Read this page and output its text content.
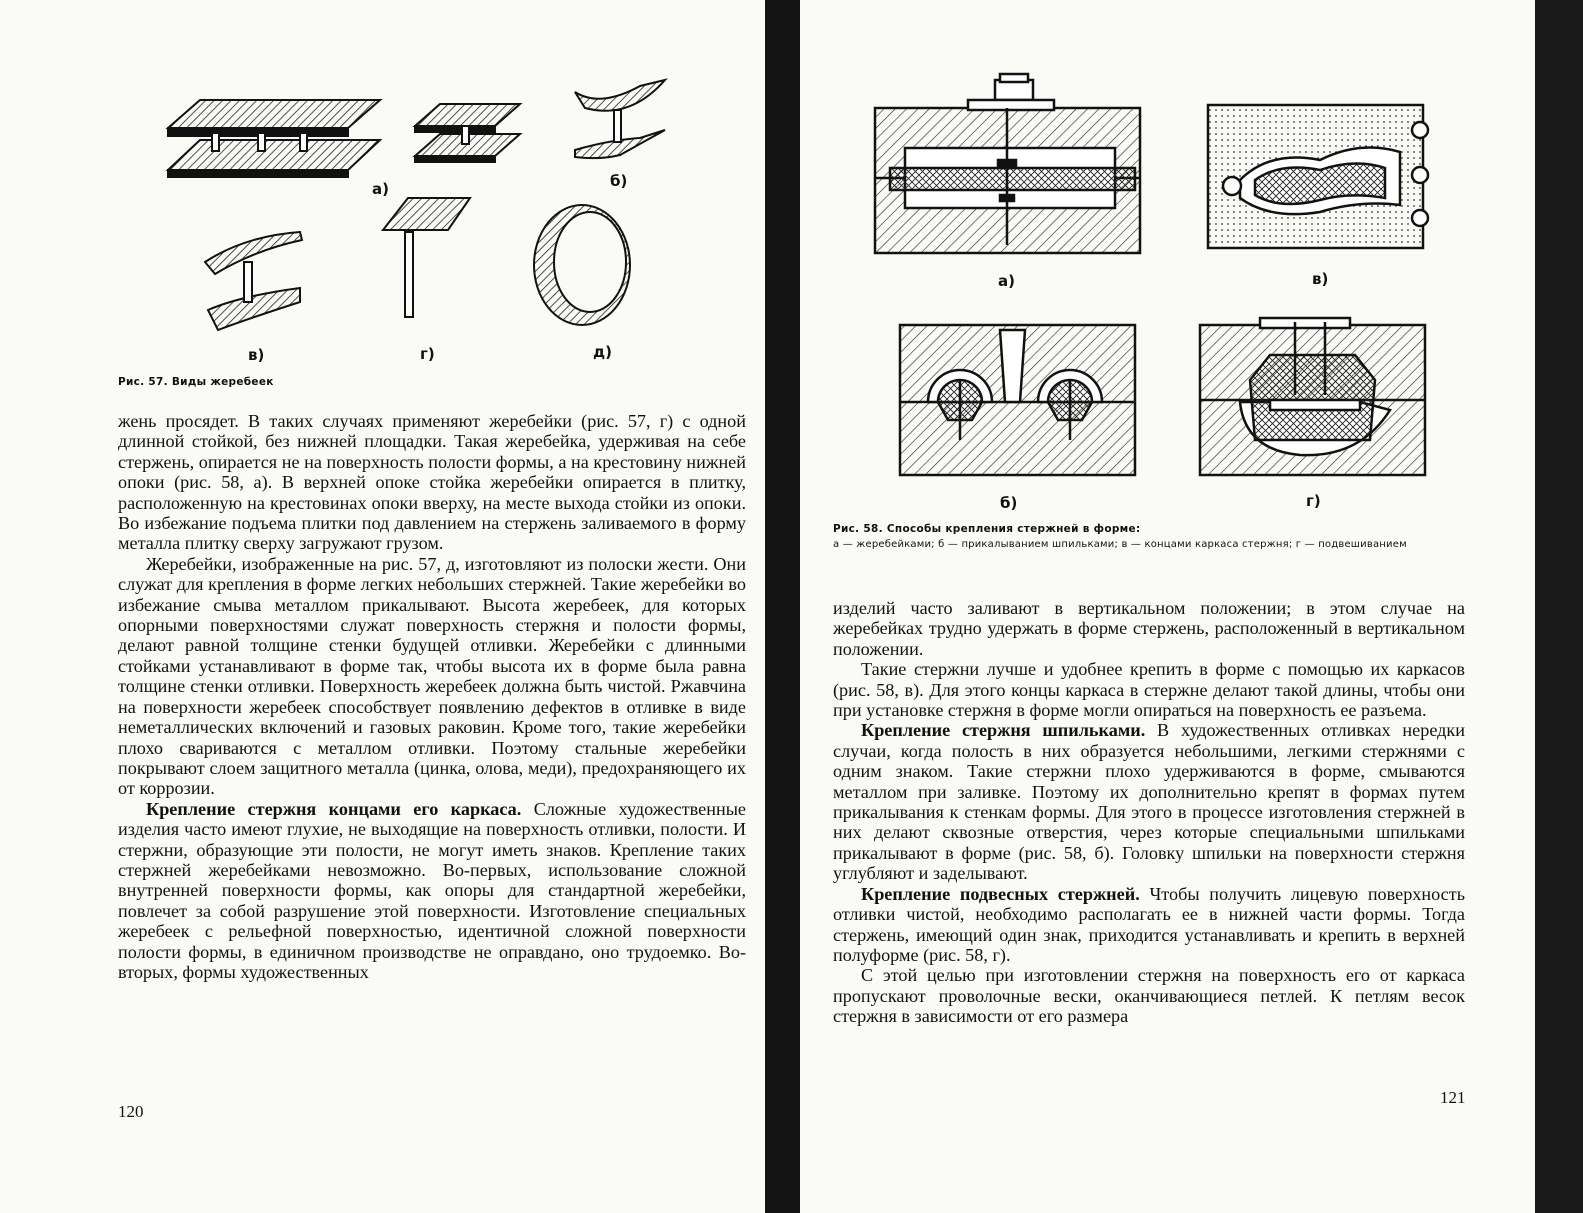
а)	б)
в)	г)	д)
Рис. 57. Виды жеребеек

жень просядет. В таких случаях применяют жеребейки (рис. 57, г) с одной длинной стойкой, без нижней площадки. Такая жеребейка, удерживая на себе стержень, опирается не на поверхность полости формы, а на крестовину нижней опоки (рис. 58, а). В верхней опоке стойка жеребейки опирается в плитку, расположенную на крестовинах опоки вверху, на месте выхода стойки из опоки. Во избежание подъема плитки под давлением на стержень заливаемого в форму металла плитку сверху загружают грузом.

Жеребейки, изображенные на рис. 57, д, изготовляют из полоски жести. Они служат для крепления в форме легких небольших стержней. Такие жеребейки во избежание смыва металлом прикалывают. Высота жеребеек, для которых опорными поверхностями служат поверхность стержня и полости формы, делают равной толщине стенки будущей отливки. Жеребейки с длинными стойками устанавливают в форме так, чтобы высота их в форме была равна толщине стенки отливки. Поверхность жеребеек должна быть чистой. Ржавчина на поверхности жеребеек способствует появлению дефектов в отливке в виде неметаллических включений и газовых раковин. Кроме того, такие жеребейки плохо свариваются с металлом отливки. Поэтому стальные жеребейки покрывают слоем защитного металла (цинка, олова, меди), предохраняющего их от коррозии.

Крепление стержня концами его каркаса. Сложные художественные изделия часто имеют глухие, не выходящие на поверхность отливки, полости. И стержни, образующие эти полости, не могут иметь знаков. Крепление таких стержней жеребейками невозможно. Во-первых, использование сложной внутренней поверхности формы, как опоры для стандартной жеребейки, повлечет за собой разрушение этой поверхности. Изготовление специальных жеребеек с рельефной поверхностью, идентичной сложной поверхности полости формы, в единичном производстве не оправдано, оно трудоемко. Во-вторых, формы художественных

120
а)	в)
б)	г)
Рис. 58. Способы крепления стержней в форме:
а — жеребейками; б — прикалыванием шпильками; в — концами каркаса стержня; г — подвешиванием

изделий часто заливают в вертикальном положении; в этом случае на жеребейках трудно удержать в форме стержень, расположенный в вертикальном положении.

Такие стержни лучше и удобнее крепить в форме с помощью их каркасов (рис. 58, в). Для этого концы каркаса в стержне делают такой длины, чтобы они при установке стержня в форме могли опираться на поверхность ее разъема.

Крепление стержня шпильками. В художественных отливках нередки случаи, когда полость в них образуется небольшими, легкими стержнями с одним знаком. Такие стержни плохо удерживаются в форме, смываются металлом при заливке. Поэтому их дополнительно крепят в формах путем прикалывания к стенкам формы. Для этого в процессе изготовления стержней в них делают сквозные отверстия, через которые специальными шпильками прикалывают в форме (рис. 58, б). Головку шпильки на поверхности стержня углубляют и заделывают.

Крепление подвесных стержней. Чтобы получить лицевую поверхность отливки чистой, необходимо располагать ее в нижней части формы. Тогда стержень, имеющий один знак, приходится устанавливать и крепить в верхней полуформе (рис. 58, г).

С этой целью при изготовлении стержня на поверхность его от каркаса пропускают проволочные вески, оканчивающиеся петлей. К петлям весок стержня в зависимости от его размера

121
